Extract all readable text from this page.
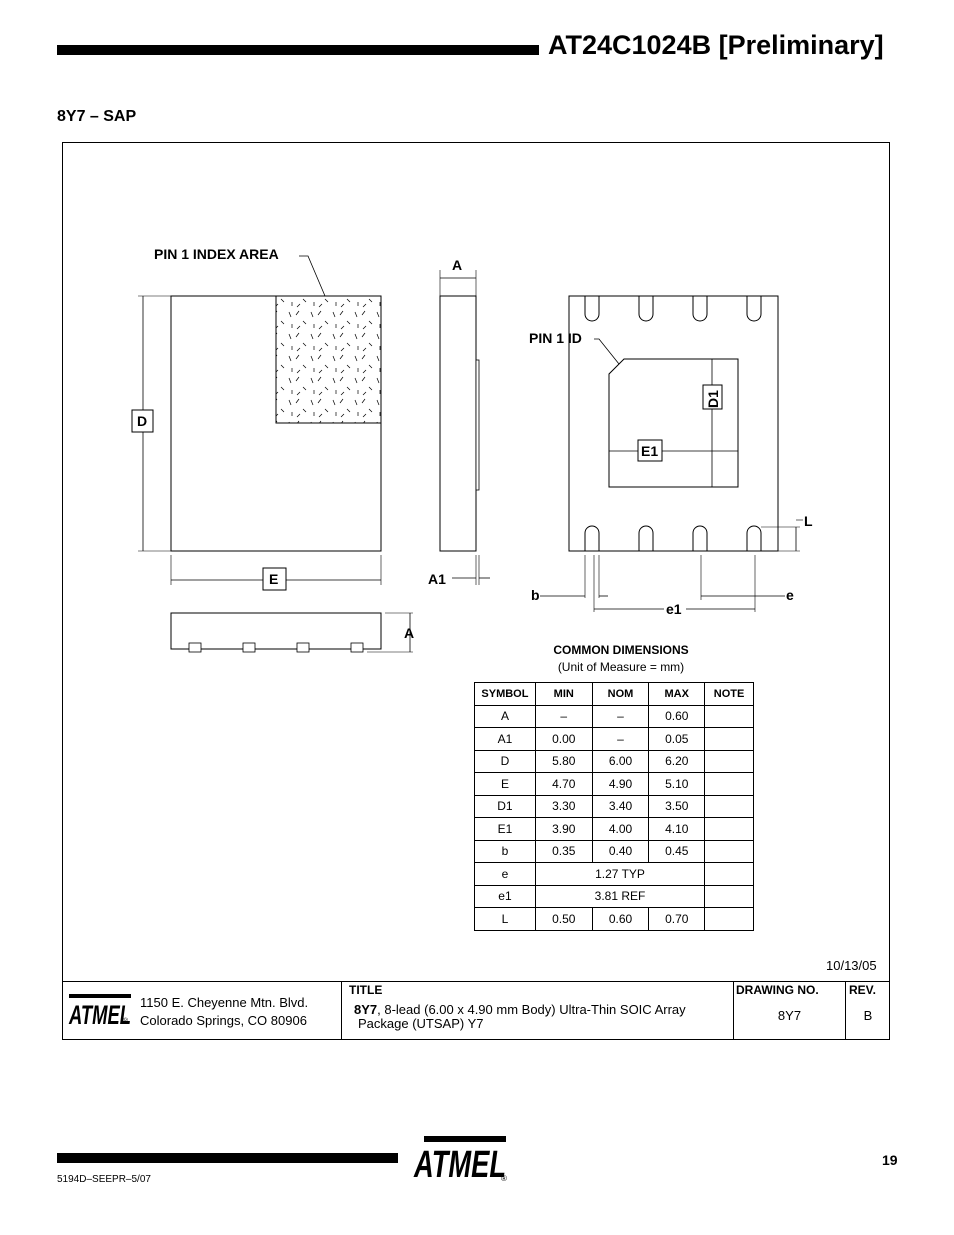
AT24C1024B [Preliminary]
8Y7 – SAP
PIN 1 INDEX AREA
D
E
A
A1
A
PIN 1 ID
D1
E1
L
b	e
e1
COMMON DIMENSIONS
(Unit of Measure = mm)
SYMBOL	MIN	NOM	MAX	NOTE
A	–	–	0.60	
A1	0.00	–	0.05	
D	5.80	6.00	6.20	
E	4.70	4.90	5.10	
D1	3.30	3.40	3.50	
E1	3.90	4.00	4.10	
b	0.35	0.40	0.45	
e	1.27 TYP			
e1	3.81 REF			
L	0.50	0.60	0.70	
10/13/05
ATMEL
®
1150 E. Cheyenne Mtn. Blvd.
Colorado Springs, CO 80906
TITLE
8Y7, 8-lead (6.00 x 4.90 mm Body) Ultra-Thin SOIC Array
Package (UTSAP) Y7
DRAWING NO.
8Y7
REV.
B
ATMEL
®
19
5194D–SEEPR–5/07
